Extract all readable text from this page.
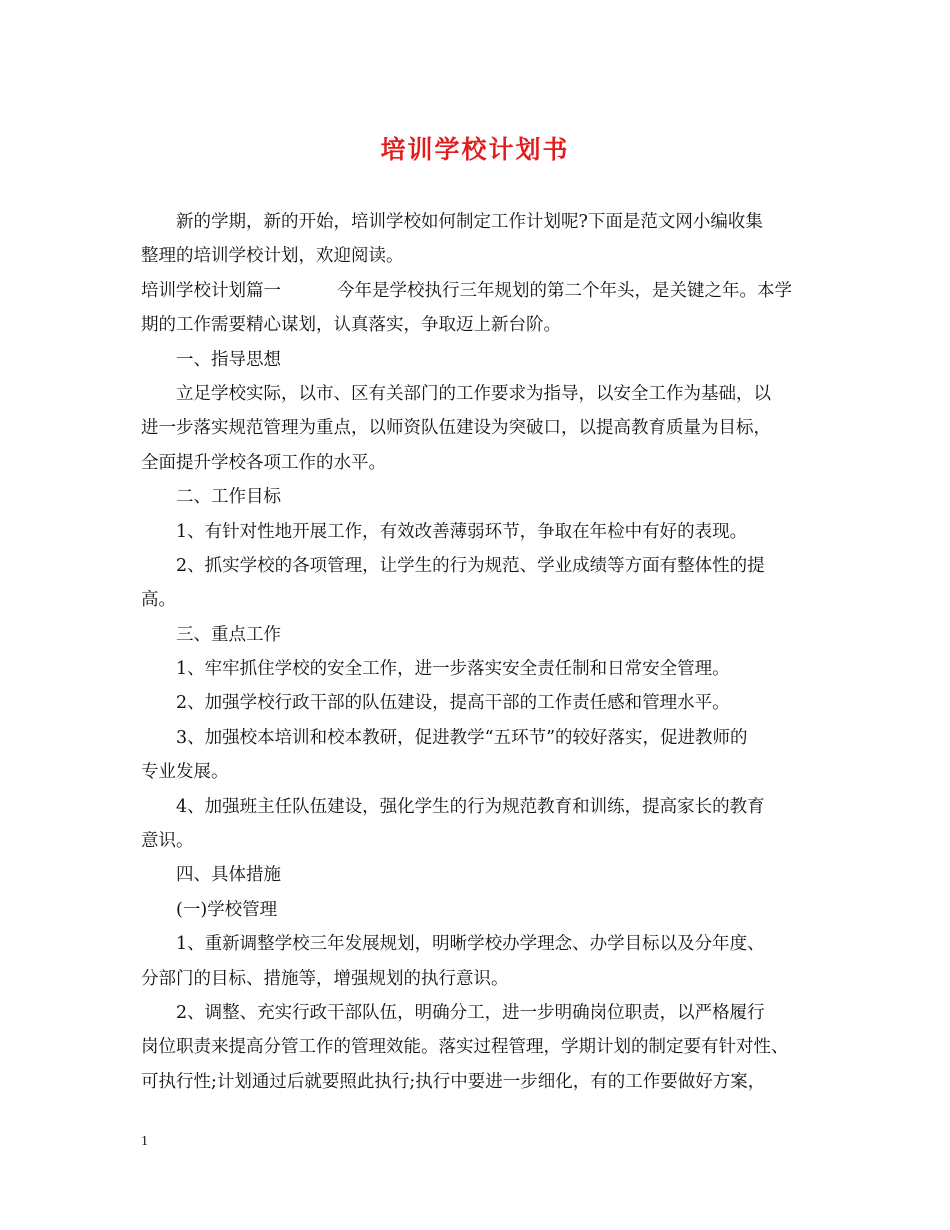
培训学校计划书
新的学期，新的开始，培训学校如何制定工作计划呢?下面是范文网小编收集
整理的培训学校计划，欢迎阅读。
培训学校计划篇一	今年是学校执行三年规划的第二个年头，是关键之年。本学
期的工作需要精心谋划，认真落实，争取迈上新台阶。
一、指导思想
立足学校实际，以市、区有关部门的工作要求为指导，以安全工作为基础，以
进一步落实规范管理为重点，以师资队伍建设为突破口，以提高教育质量为目标，
全面提升学校各项工作的水平。
二、工作目标
1、有针对性地开展工作，有效改善薄弱环节，争取在年检中有好的表现。
2、抓实学校的各项管理，让学生的行为规范、学业成绩等方面有整体性的提
高。
三、重点工作
1、牢牢抓住学校的安全工作，进一步落实安全责任制和日常安全管理。
2、加强学校行政干部的队伍建设，提高干部的工作责任感和管理水平。
3、加强校本培训和校本教研，促进教学“五环节”的较好落实，促进教师的
专业发展。
4、加强班主任队伍建设，强化学生的行为规范教育和训练，提高家长的教育
意识。
四、具体措施
(一)学校管理
1、重新调整学校三年发展规划，明晰学校办学理念、办学目标以及分年度、
分部门的目标、措施等，增强规划的执行意识。
2、调整、充实行政干部队伍，明确分工，进一步明确岗位职责，以严格履行
岗位职责来提高分管工作的管理效能。落实过程管理，学期计划的制定要有针对性、
可执行性;计划通过后就要照此执行;执行中要进一步细化，有的工作要做好方案，
1
